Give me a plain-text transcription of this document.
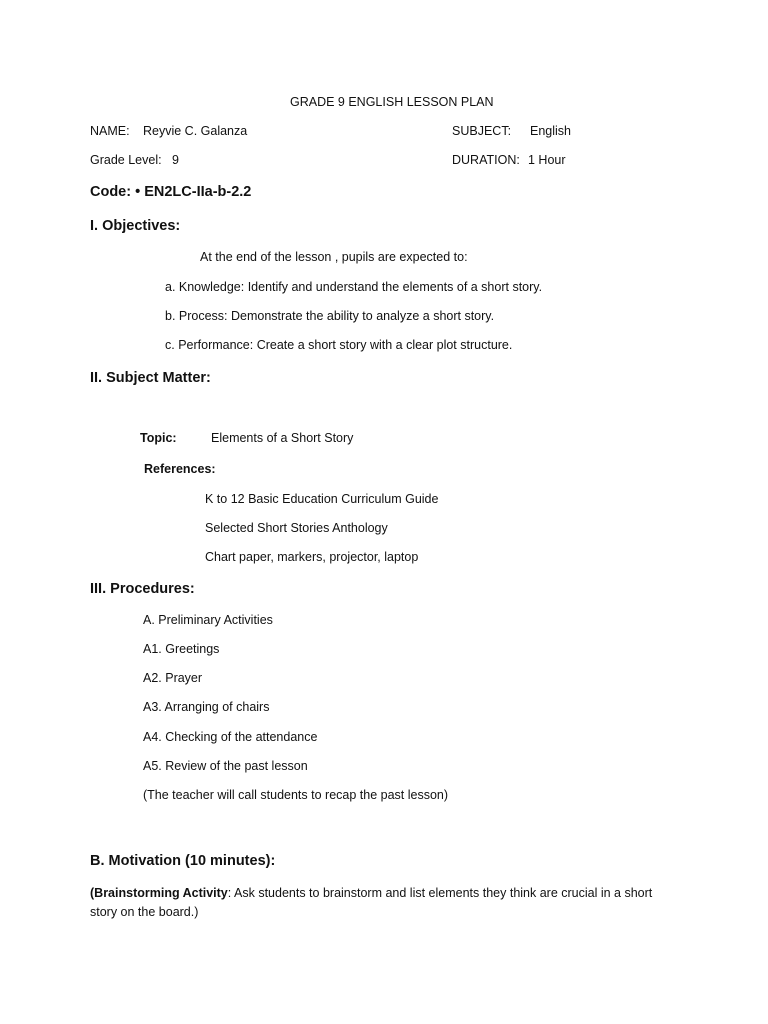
GRADE 9 ENGLISH LESSON PLAN
NAME: Reyvie C. Galanza	SUBJECT: English
Grade Level: 9	DURATION: 1 Hour
Code: • EN2LC-IIa-b-2.2
I. Objectives:
At the end of the lesson , pupils are expected to:
a. Knowledge: Identify and understand the elements of a short story.
b. Process: Demonstrate the ability to analyze a short story.
c. Performance: Create a short story with a clear plot structure.
II. Subject Matter:
Topic:	Elements of a Short Story
References:
K to 12 Basic Education Curriculum Guide
Selected Short Stories Anthology
Chart paper, markers, projector, laptop
III. Procedures:
A. Preliminary Activities
A1. Greetings
A2. Prayer
A3. Arranging of chairs
A4. Checking of the attendance
A5. Review of the past lesson
(The teacher will call students to recap the past lesson)
B. Motivation (10 minutes):
(Brainstorming Activity: Ask students to brainstorm and list elements they think are crucial in a short story on the board.)
